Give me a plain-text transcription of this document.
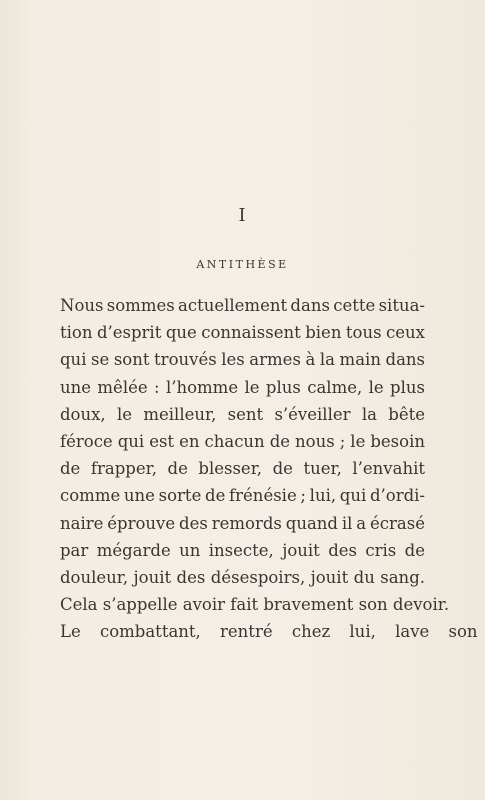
I
ANTITHÈSE
Nous sommes actuellement dans cette situa-
tion d’esprit que connaissent bien tous ceux
qui se sont trouvés les armes à la main dans
une mêlée : l’homme le plus calme, le plus
doux, le meilleur, sent s’éveiller la bête
féroce qui est en chacun de nous ; le besoin
de frapper, de blesser, de tuer, l’envahit
comme une sorte de frénésie ; lui, qui d’ordi-
naire éprouve des remords quand il a écrasé
par mégarde un insecte, jouit des cris de
douleur, jouit des désespoirs, jouit du sang.
Cela s’appelle avoir fait bravement son devoir.
Le combattant, rentré chez lui, lave son
